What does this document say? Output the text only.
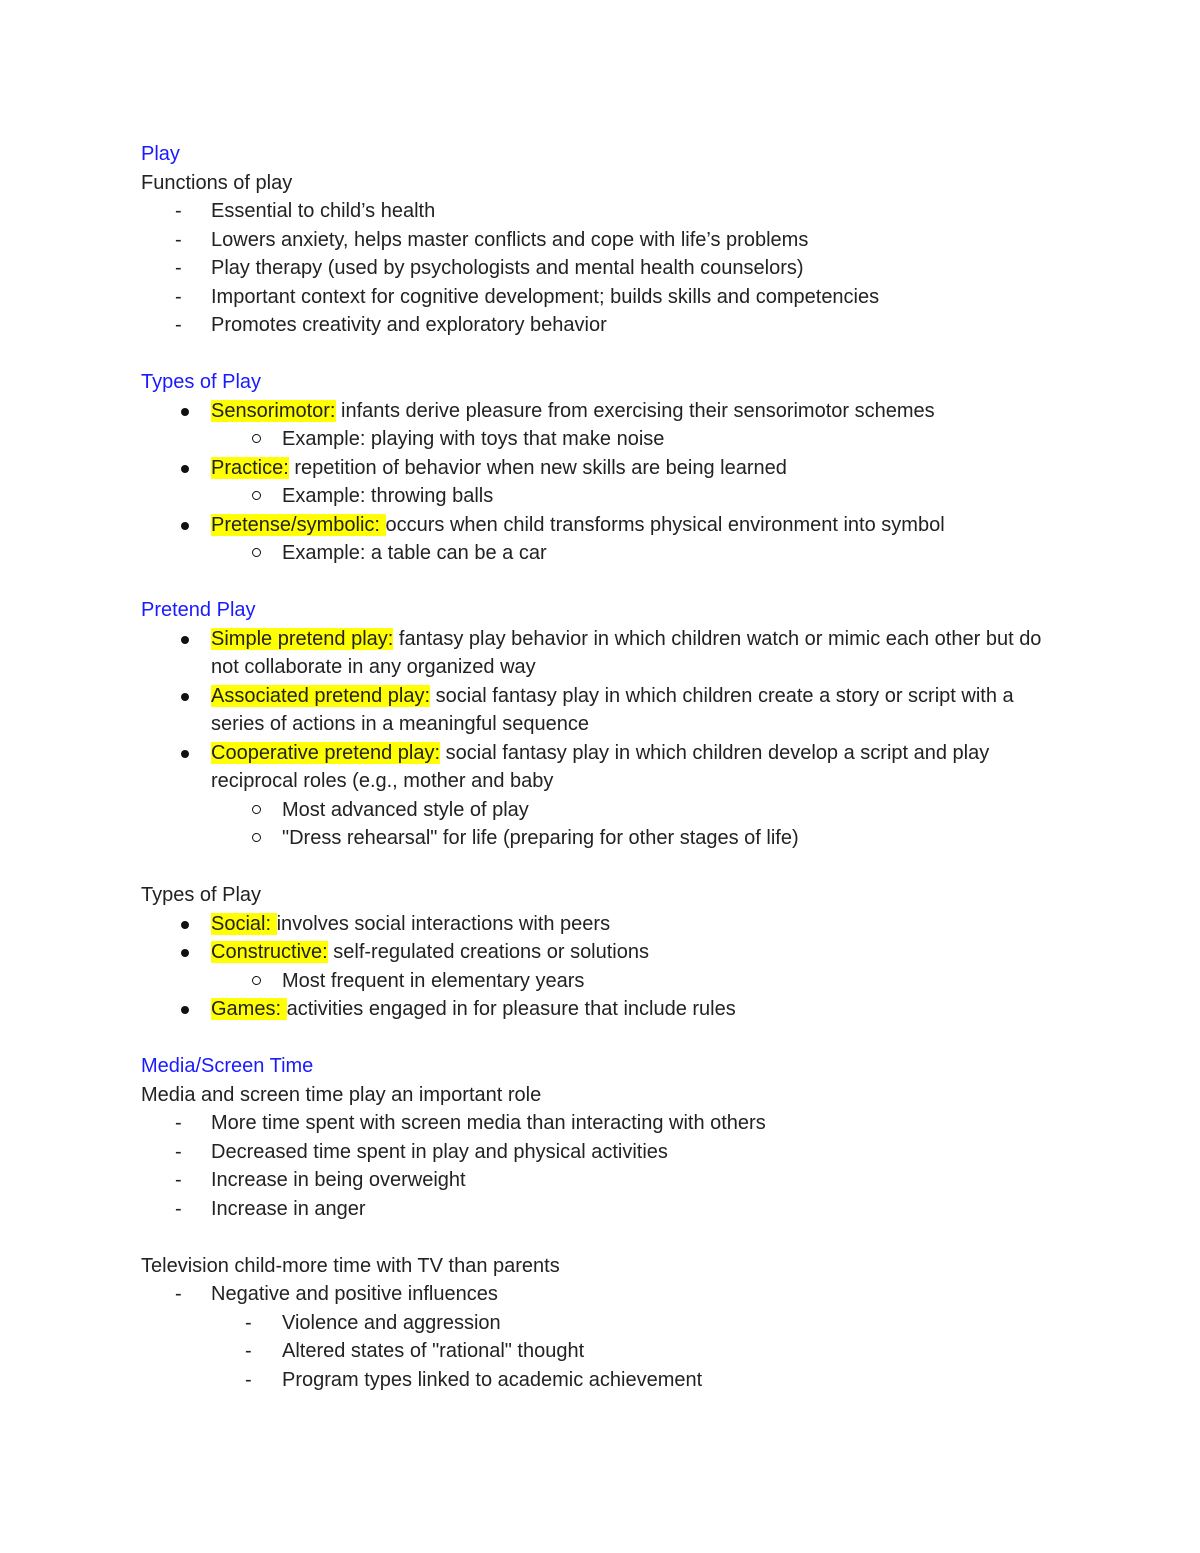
Play
Functions of play
- Essential to child’s health
- Lowers anxiety, helps master conflicts and cope with life’s problems
- Play therapy (used by psychologists and mental health counselors)
- Important context for cognitive development; builds skills and competencies
- Promotes creativity and exploratory behavior
Types of Play
Sensorimotor: infants derive pleasure from exercising their sensorimotor schemes
Example: playing with toys that make noise
Practice: repetition of behavior when new skills are being learned
Example: throwing balls
Pretense/symbolic: occurs when child transforms physical environment into symbol
Example: a table can be a car
Pretend Play
Simple pretend play: fantasy play behavior in which children watch or mimic each other but do not collaborate in any organized way
Associated pretend play: social fantasy play in which children create a story or script with a series of actions in a meaningful sequence
Cooperative pretend play: social fantasy play in which children develop a script and play reciprocal roles (e.g., mother and baby
Most advanced style of play
"Dress rehearsal" for life (preparing for other stages of life)
Types of Play
Social: involves social interactions with peers
Constructive: self-regulated creations or solutions
Most frequent in elementary years
Games: activities engaged in for pleasure that include rules
Media/Screen Time
Media and screen time play an important role
- More time spent with screen media than interacting with others
- Decreased time spent in play and physical activities
- Increase in being overweight
- Increase in anger
Television child-more time with TV than parents
- Negative and positive influences
- Violence and aggression
- Altered states of "rational" thought
- Program types linked to academic achievement
